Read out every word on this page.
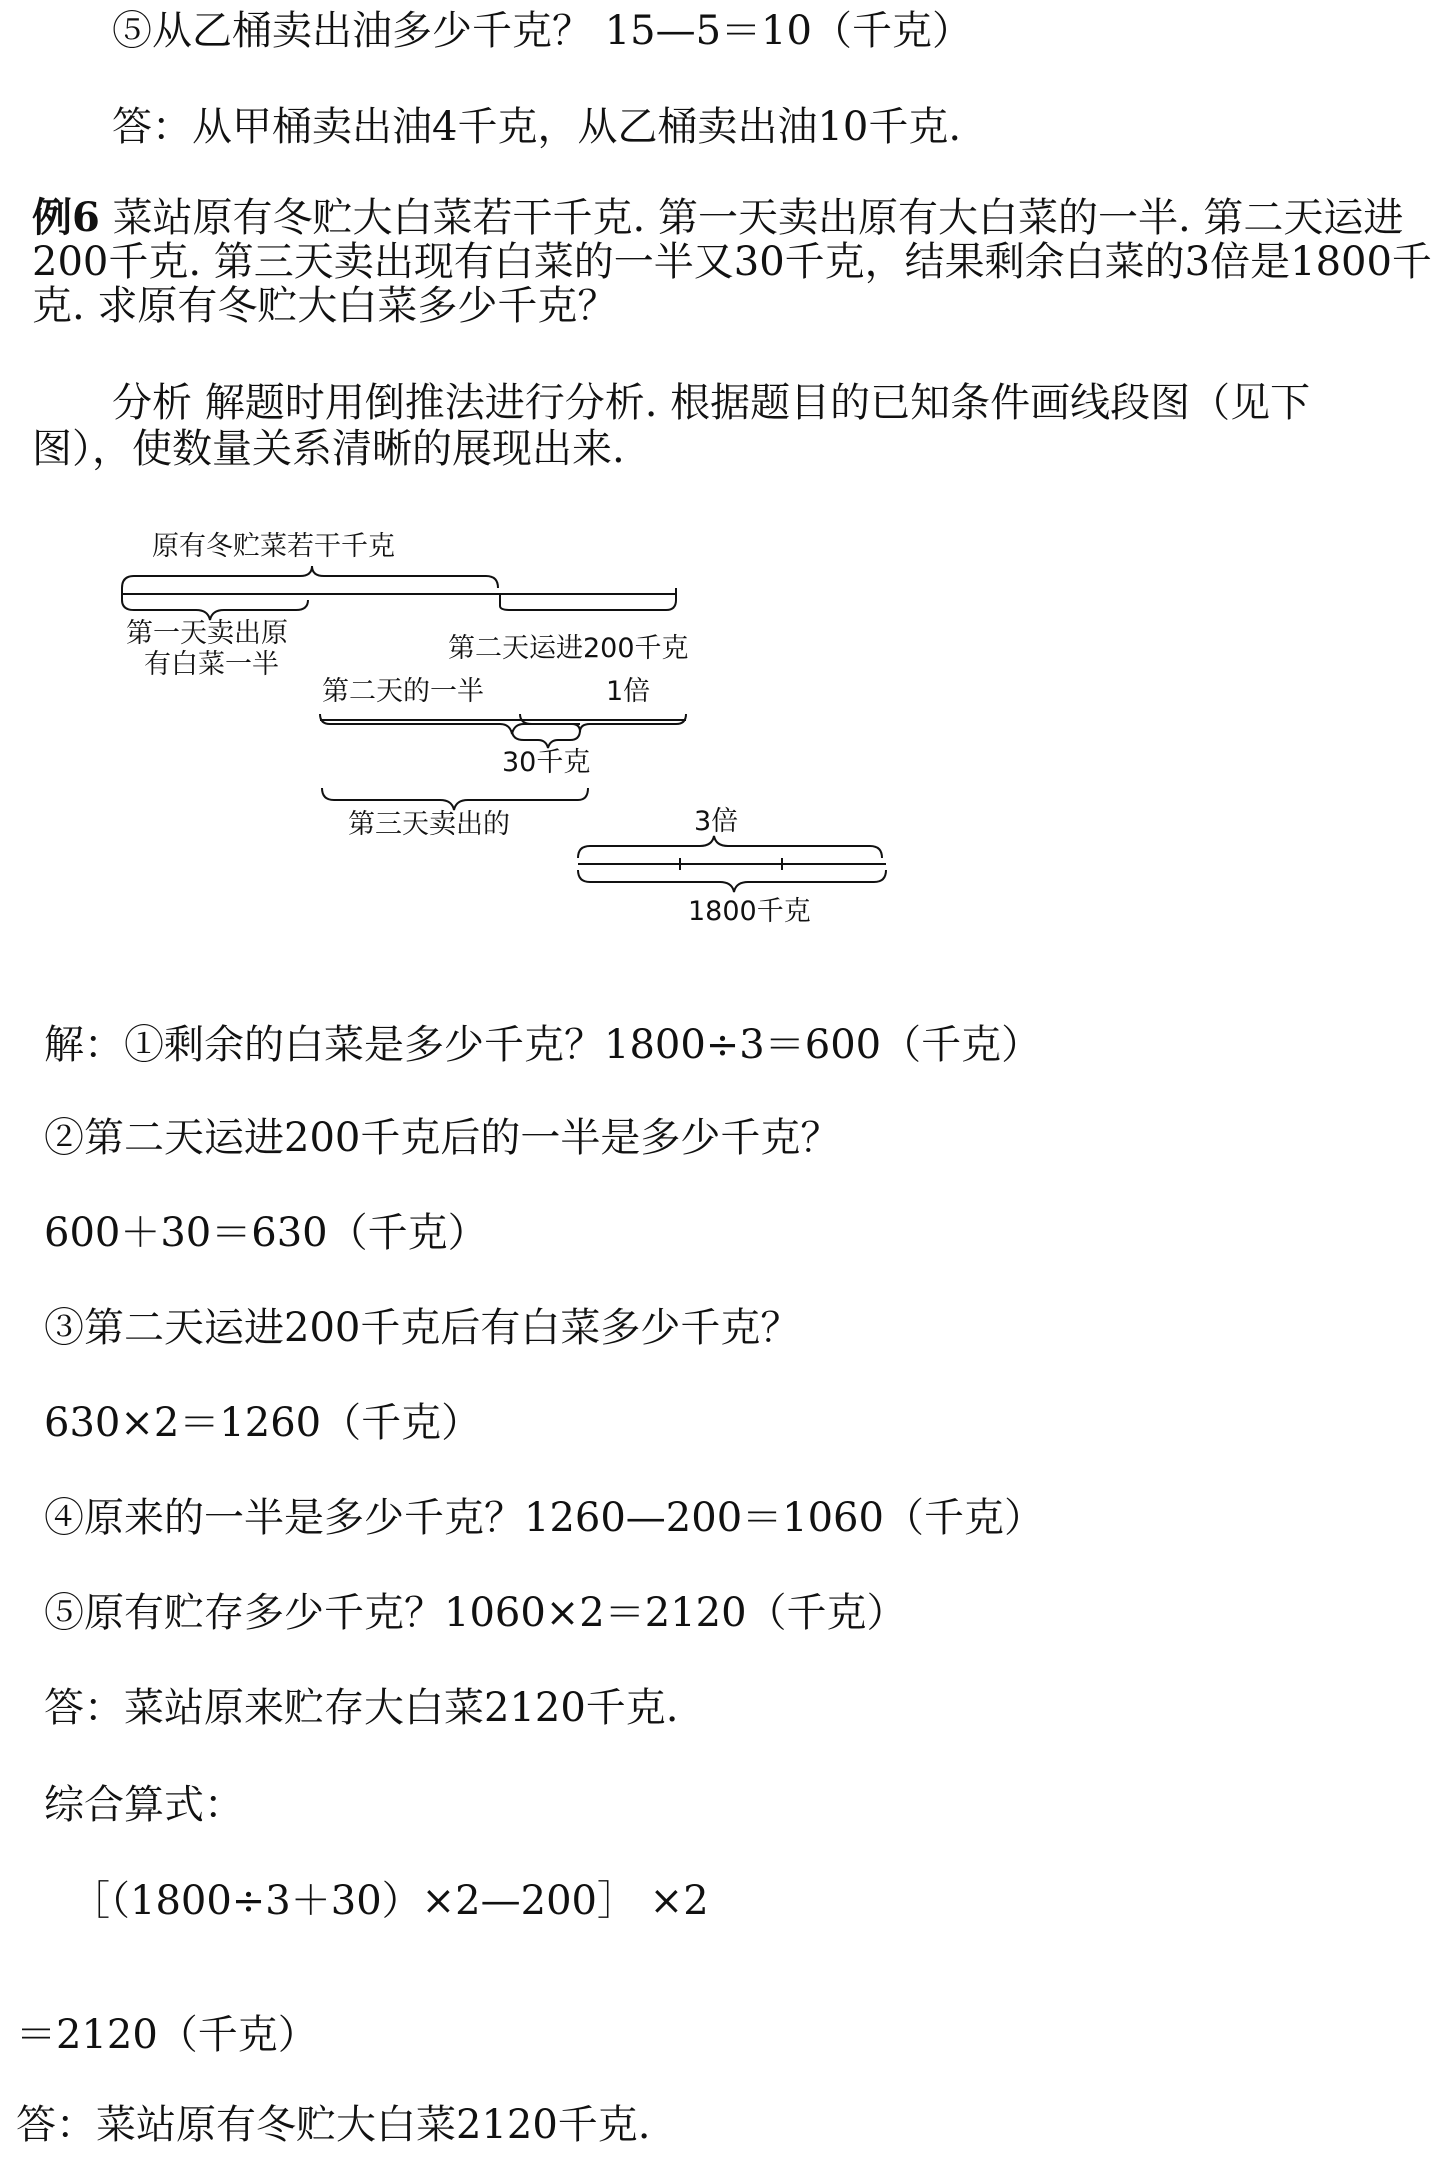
⑤从乙桶卖出油多少千克？ 15—5＝10（千克）
答：从甲桶卖出油4千克，从乙桶卖出油10千克.
例6 菜站原有冬贮大白菜若干千克. 第一天卖出原有大白菜的一半. 第二天运进200千克. 第三天卖出现有白菜的一半又30千克，结果剩余白菜的3倍是1800千克. 求原有冬贮大白菜多少千克？
分析 解题时用倒推法进行分析. 根据题目的已知条件画线段图（见下
图），使数量关系清晰的展现出来.
原有冬贮菜若干千克
第一天卖出原
有白菜一半
第二天运进200千克
第二天的一半	1倍
30千克
第三天卖出的	3倍
1800千克
解：①剩余的白菜是多少千克？1800÷3＝600（千克）
②第二天运进200千克后的一半是多少千克？
600＋30＝630（千克）
③第二天运进200千克后有白菜多少千克？
630×2＝1260（千克）
④原来的一半是多少千克？1260—200＝1060（千克）
⑤原有贮存多少千克？1060×2＝2120（千克）
答：菜站原来贮存大白菜2120千克.
综合算式：
［（1800÷3＋30）×2—200］ ×2
＝2120（千克）
答：菜站原有冬贮大白菜2120千克.
